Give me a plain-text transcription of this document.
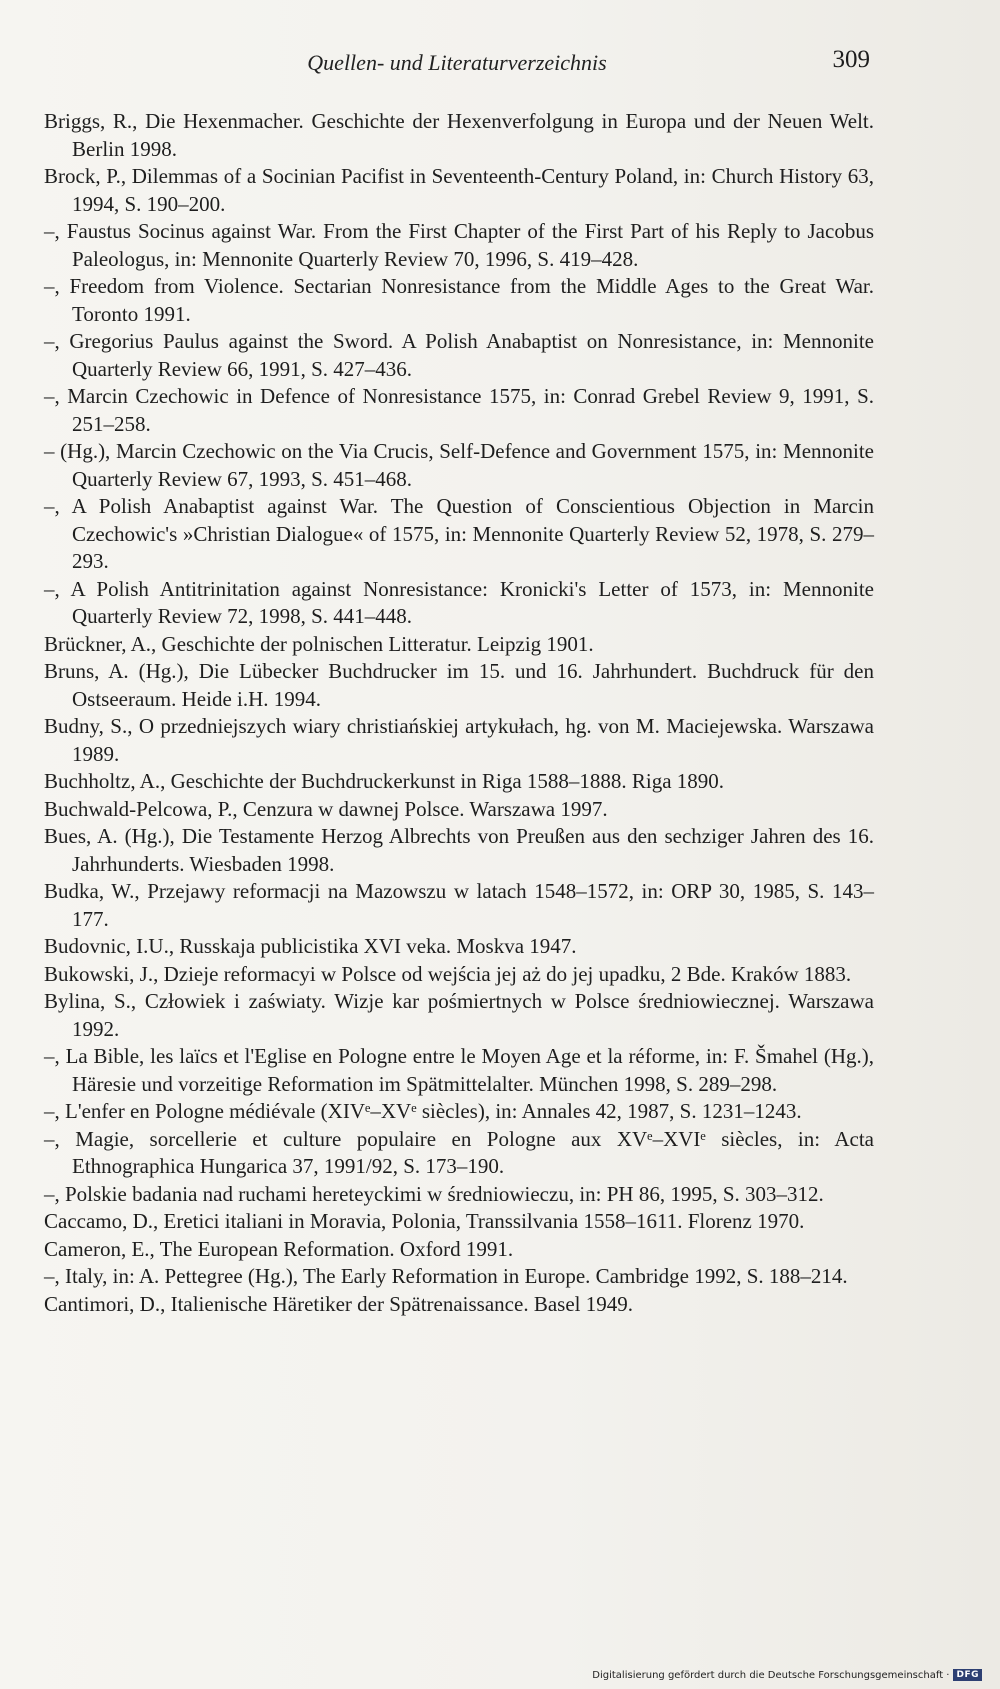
Quellen- und Literaturverzeichnis	309

Briggs, R., Die Hexenmacher. Geschichte der Hexenverfolgung in Europa und der Neuen Welt. Berlin 1998.

Brock, P., Dilemmas of a Socinian Pacifist in Seventeenth-Century Poland, in: Church History 63, 1994, S. 190–200.

–, Faustus Socinus against War. From the First Chapter of the First Part of his Reply to Jacobus Paleologus, in: Mennonite Quarterly Review 70, 1996, S. 419–428.

–, Freedom from Violence. Sectarian Nonresistance from the Middle Ages to the Great War. Toronto 1991.

–, Gregorius Paulus against the Sword. A Polish Anabaptist on Nonresistance, in: Mennonite Quarterly Review 66, 1991, S. 427–436.

–, Marcin Czechowic in Defence of Nonresistance 1575, in: Conrad Grebel Review 9, 1991, S. 251–258.

– (Hg.), Marcin Czechowic on the Via Crucis, Self-Defence and Government 1575, in: Mennonite Quarterly Review 67, 1993, S. 451–468.

–, A Polish Anabaptist against War. The Question of Conscientious Objection in Marcin Czechowic's »Christian Dialogue« of 1575, in: Mennonite Quarterly Review 52, 1978, S. 279–293.

–, A Polish Antitrinitation against Nonresistance: Kronicki's Letter of 1573, in: Mennonite Quarterly Review 72, 1998, S. 441–448.

Brückner, A., Geschichte der polnischen Litteratur. Leipzig 1901.

Bruns, A. (Hg.), Die Lübecker Buchdrucker im 15. und 16. Jahrhundert. Buchdruck für den Ostseeraum. Heide i.H. 1994.

Budny, S., O przedniejszych wiary christiańskiej artykułach, hg. von M. Maciejewska. Warszawa 1989.

Buchholtz, A., Geschichte der Buchdruckerkunst in Riga 1588–1888. Riga 1890.

Buchwald-Pelcowa, P., Cenzura w dawnej Polsce. Warszawa 1997.

Bues, A. (Hg.), Die Testamente Herzog Albrechts von Preußen aus den sechziger Jahren des 16. Jahrhunderts. Wiesbaden 1998.

Budka, W., Przejawy reformacji na Mazowszu w latach 1548–1572, in: ORP 30, 1985, S. 143–177.

Budovnic, I.U., Russkaja publicistika XVI veka. Moskva 1947.

Bukowski, J., Dzieje reformacyi w Polsce od wejścia jej aż do jej upadku, 2 Bde. Kraków 1883.

Bylina, S., Człowiek i zaświaty. Wizje kar pośmiertnych w Polsce średniowiecznej. Warszawa 1992.

–, La Bible, les laïcs et l'Eglise en Pologne entre le Moyen Age et la réforme, in: F. Šmahel (Hg.), Häresie und vorzeitige Reformation im Spätmittelalter. München 1998, S. 289–298.

–, L'enfer en Pologne médiévale (XIVᵉ–XVᵉ siècles), in: Annales 42, 1987, S. 1231–1243.

–, Magie, sorcellerie et culture populaire en Pologne aux XVᵉ–XVIᵉ siècles, in: Acta Ethnographica Hungarica 37, 1991/92, S. 173–190.

–, Polskie badania nad ruchami hereteyckimi w średniowieczu, in: PH 86, 1995, S. 303–312.

Caccamo, D., Eretici italiani in Moravia, Polonia, Transsilvania 1558–1611. Florenz 1970.

Cameron, E., The European Reformation. Oxford 1991.

–, Italy, in: A. Pettegree (Hg.), The Early Reformation in Europe. Cambridge 1992, S. 188–214.

Cantimori, D., Italienische Häretiker der Spätrenaissance. Basel 1949.

Digitalisierung gefördert durch die Deutsche Forschungsgemeinschaft · DFG
